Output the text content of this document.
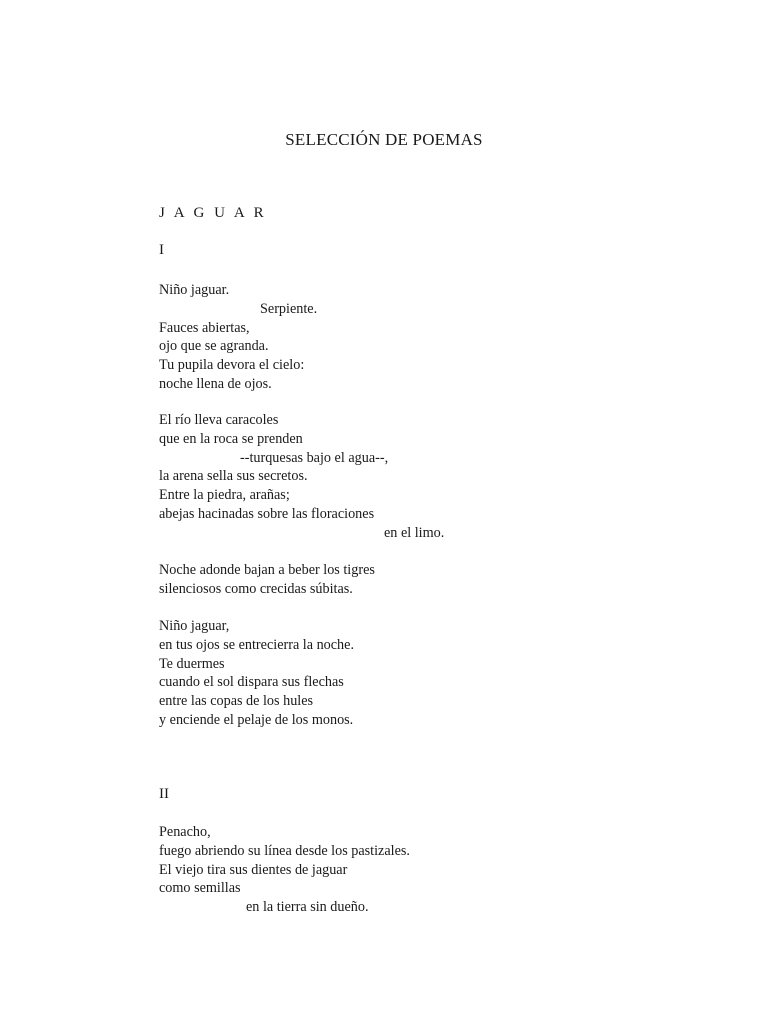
SELECCIÓN DE POEMAS
J A G U A R
I
Niño jaguar.
Serpiente.
Fauces abiertas,
ojo que se agranda.
Tu pupila devora el cielo:
noche llena de ojos.
El río lleva caracoles
que en la roca se prenden
--turquesas bajo el agua--,
la arena sella sus secretos.
Entre la piedra, arañas;
abejas hacinadas sobre las floraciones
en el limo.
Noche adonde bajan a beber los tigres
silenciosos como crecidas súbitas.
Niño jaguar,
en tus ojos se entrecierra la noche.
Te duermes
cuando el sol dispara sus flechas
entre las copas de los hules
y enciende el pelaje de los monos.
II
Penacho,
fuego abriendo su línea desde los pastizales.
El viejo tira sus dientes de jaguar
como semillas
en la tierra sin dueño.
